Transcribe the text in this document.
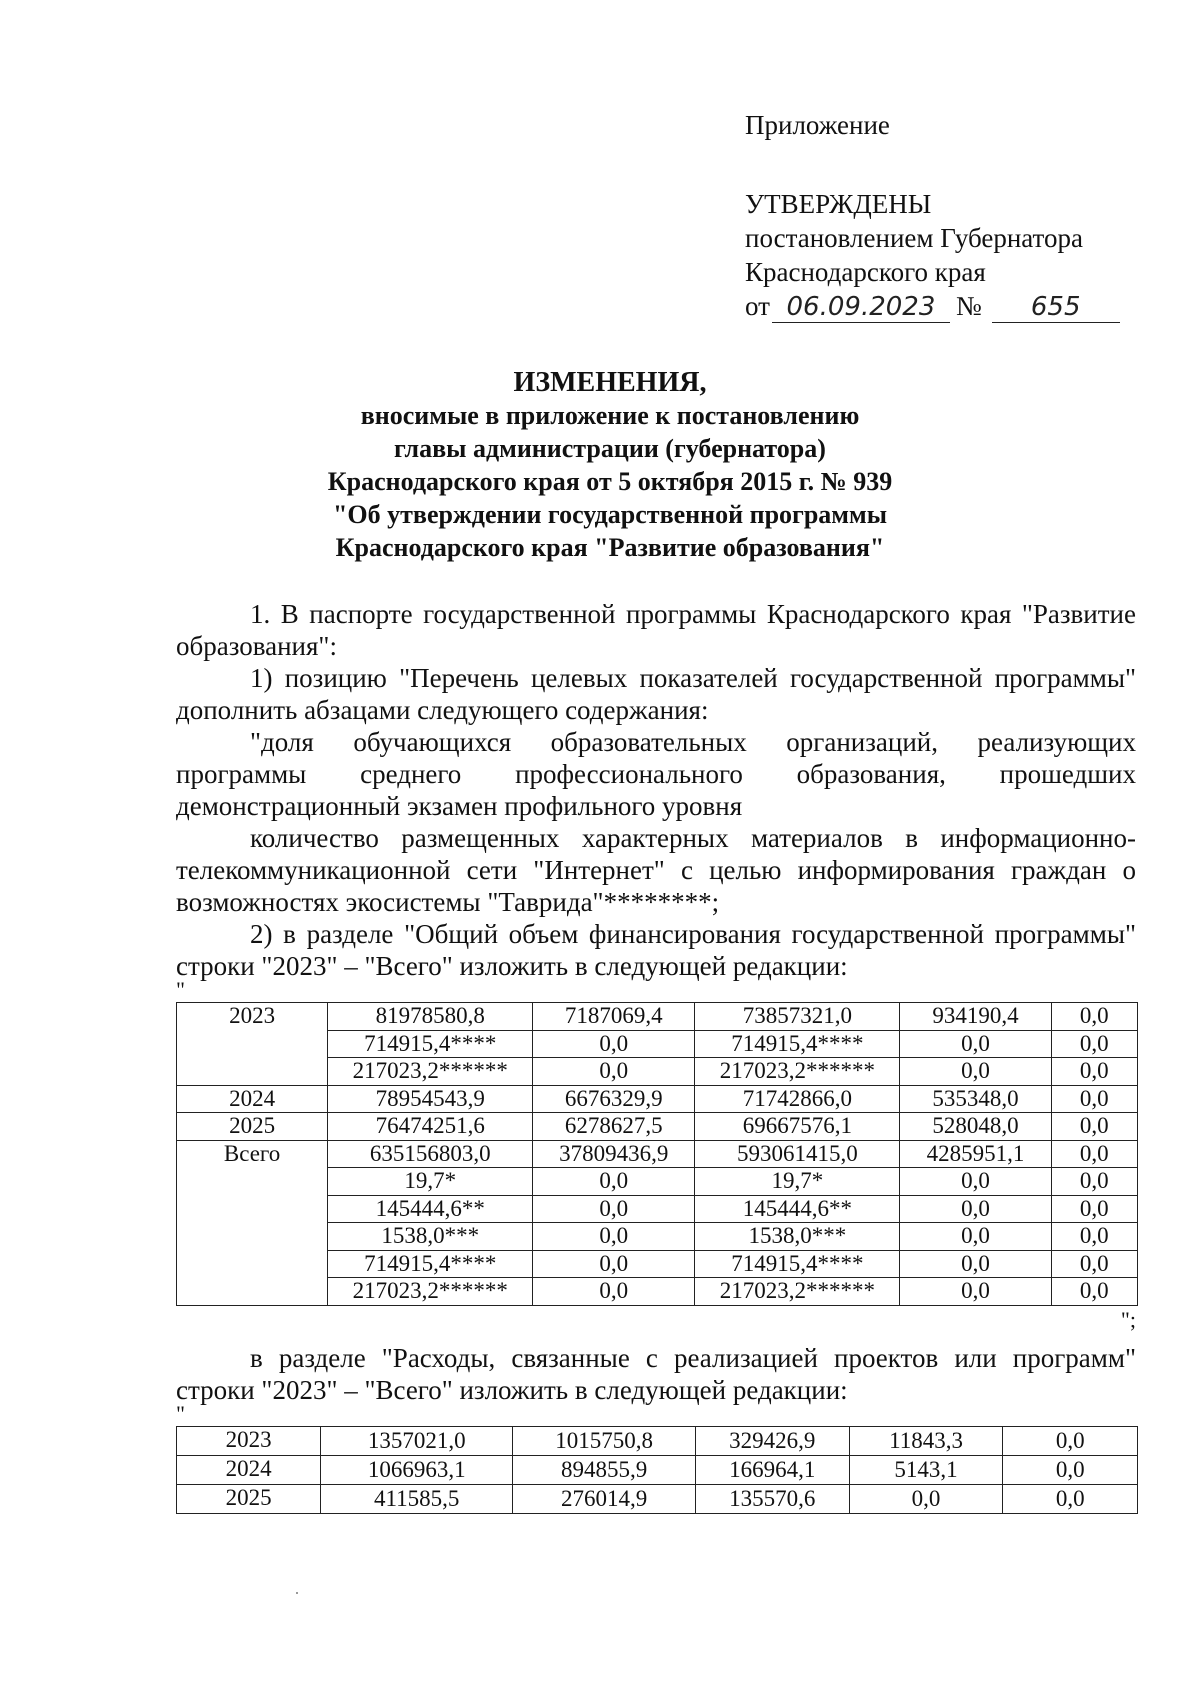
Приложение
УТВЕРЖДЕНЫ
постановлением Губернатора
Краснодарского края
от 06.09.2023 №	655
ИЗМЕНЕНИЯ,
вносимые в приложение к постановлению
главы администрации (губернатора)
Краснодарского края от 5 октября 2015 г. № 939
"Об утверждении государственной программы
Краснодарского края "Развитие образования"

1. В паспорте государственной программы Краснодарского края "Развитие образования":

1) позицию "Перечень целевых показателей государственной программы" дополнить абзацами следующего содержания:

"доля обучающихся образовательных организаций, реализующих программы среднего профессионального образования, прошедших демонстрационный экзамен профильного уровня

количество размещенных характерных материалов в информационно-телекоммуникационной сети "Интернет" с целью информирования граждан о возможностях экосистемы "Таврида"********;

2) в разделе "Общий объем финансирования государственной программы" строки "2023" – "Всего" изложить в следующей редакции:

"
2023	81978580,8	7187069,4	73857321,0	934190,4	0,0
	714915,4****	0,0	714915,4****	0,0	0,0
	217023,2******	0,0	217023,2******	0,0	0,0
2024	78954543,9	6676329,9	71742866,0	535348,0	0,0
2025	76474251,6	6278627,5	69667576,1	528048,0	0,0
Всего	635156803,0	37809436,9	593061415,0	4285951,1	0,0
	19,7*	0,0	19,7*	0,0	0,0
	145444,6**	0,0	145444,6**	0,0	0,0
	1538,0***	0,0	1538,0***	0,0	0,0
	714915,4****	0,0	714915,4****	0,0	0,0
	217023,2******	0,0	217023,2******	0,0	0,0
";

в разделе "Расходы, связанные с реализацией проектов или программ" строки "2023" – "Всего" изложить в следующей редакции:

"
2023	1357021,0	1015750,8	329426,9	11843,3	0,0
2024	1066963,1	894855,9	166964,1	5143,1	0,0
2025	411585,5	276014,9	135570,6	0,0	0,0
